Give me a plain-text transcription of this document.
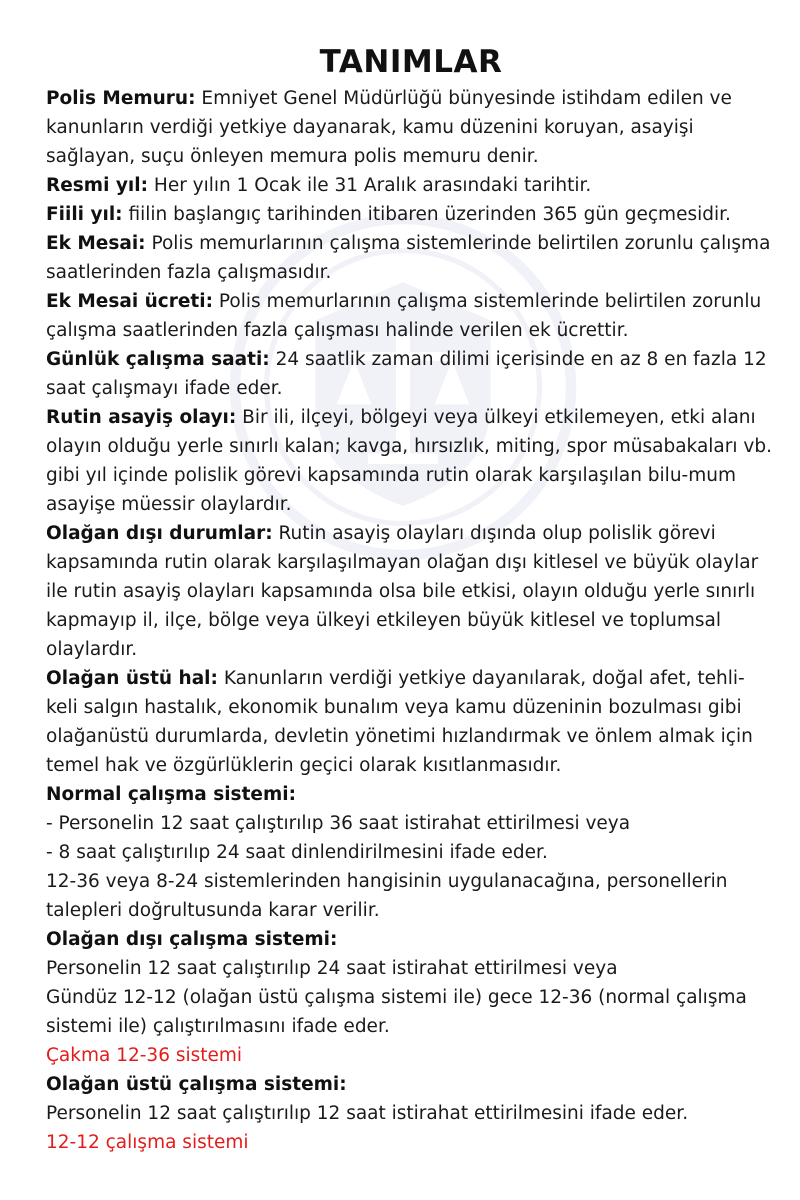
TANIMLAR

Polis Memuru: Emniyet Genel Müdürlüğü bünyesinde istihdam edilen ve kanunların verdiği yetkiye dayanarak, kamu düzenini koruyan, asayişi sağlayan, suçu önleyen memura polis memuru denir.

Resmi yıl: Her yılın 1 Ocak ile 31 Aralık arasındaki tarihtir.

Fiili yıl: fiilin başlangıç tarihinden itibaren üzerinden 365 gün geçmesidir.

Ek Mesai: Polis memurlarının çalışma sistemlerinde belirtilen zorunlu çalışma saatlerinden fazla çalışmasıdır.

Ek Mesai ücreti: Polis memurlarının çalışma sistemlerinde belirtilen zorunlu çalışma saatlerinden fazla çalışması halinde verilen ek ücrettir.

Günlük çalışma saati: 24 saatlik zaman dilimi içerisinde en az 8 en fazla 12 saat çalışmayı ifade eder.

Rutin asayiş olayı: Bir ili, ilçeyi, bölgeyi veya ülkeyi etkilemeyen, etki alanı olayın olduğu yerle sınırlı kalan; kavga, hırsızlık, miting, spor müsabakaları vb. gibi yıl içinde polislik görevi kapsamında rutin olarak karşılaşılan bilu-mum asayişe müessir olaylardır.

Olağan dışı durumlar: Rutin asayiş olayları dışında olup polislik görevi kapsamında rutin olarak karşılaşılmayan olağan dışı kitlesel ve büyük olaylar ile rutin asayiş olayları kapsamında olsa bile etkisi, olayın olduğu yerle sınırlı kapmayıp il, ilçe, bölge veya ülkeyi etkileyen büyük kitlesel ve toplumsal olaylardır.

Olağan üstü hal: Kanunların verdiği yetkiye dayanılarak, doğal afet, tehli-keli salgın hastalık, ekonomik bunalım veya kamu düzeninin bozulması gibi olağanüstü durumlarda, devletin yönetimi hızlandırmak ve önlem almak için temel hak ve özgürlüklerin geçici olarak kısıtlanmasıdır.

Normal çalışma sistemi:
- Personelin 12 saat çalıştırılıp 36 saat istirahat ettirilmesi veya
- 8 saat çalıştırılıp 24 saat dinlendirilmesini ifade eder.

12-36 veya 8-24 sistemlerinden hangisinin uygulanacağına, personellerin talepleri doğrultusunda karar verilir.

Olağan dışı çalışma sistemi:
Personelin 12 saat çalıştırılıp 24 saat istirahat ettirilmesi veya

Gündüz 12-12 (olağan üstü çalışma sistemi ile) gece 12-36 (normal çalışma sistemi ile) çalıştırılmasını ifade eder.

Çakma 12-36 sistemi
Olağan üstü çalışma sistemi:
Personelin 12 saat çalıştırılıp 12 saat istirahat ettirilmesini ifade eder.
12-12 çalışma sistemi
